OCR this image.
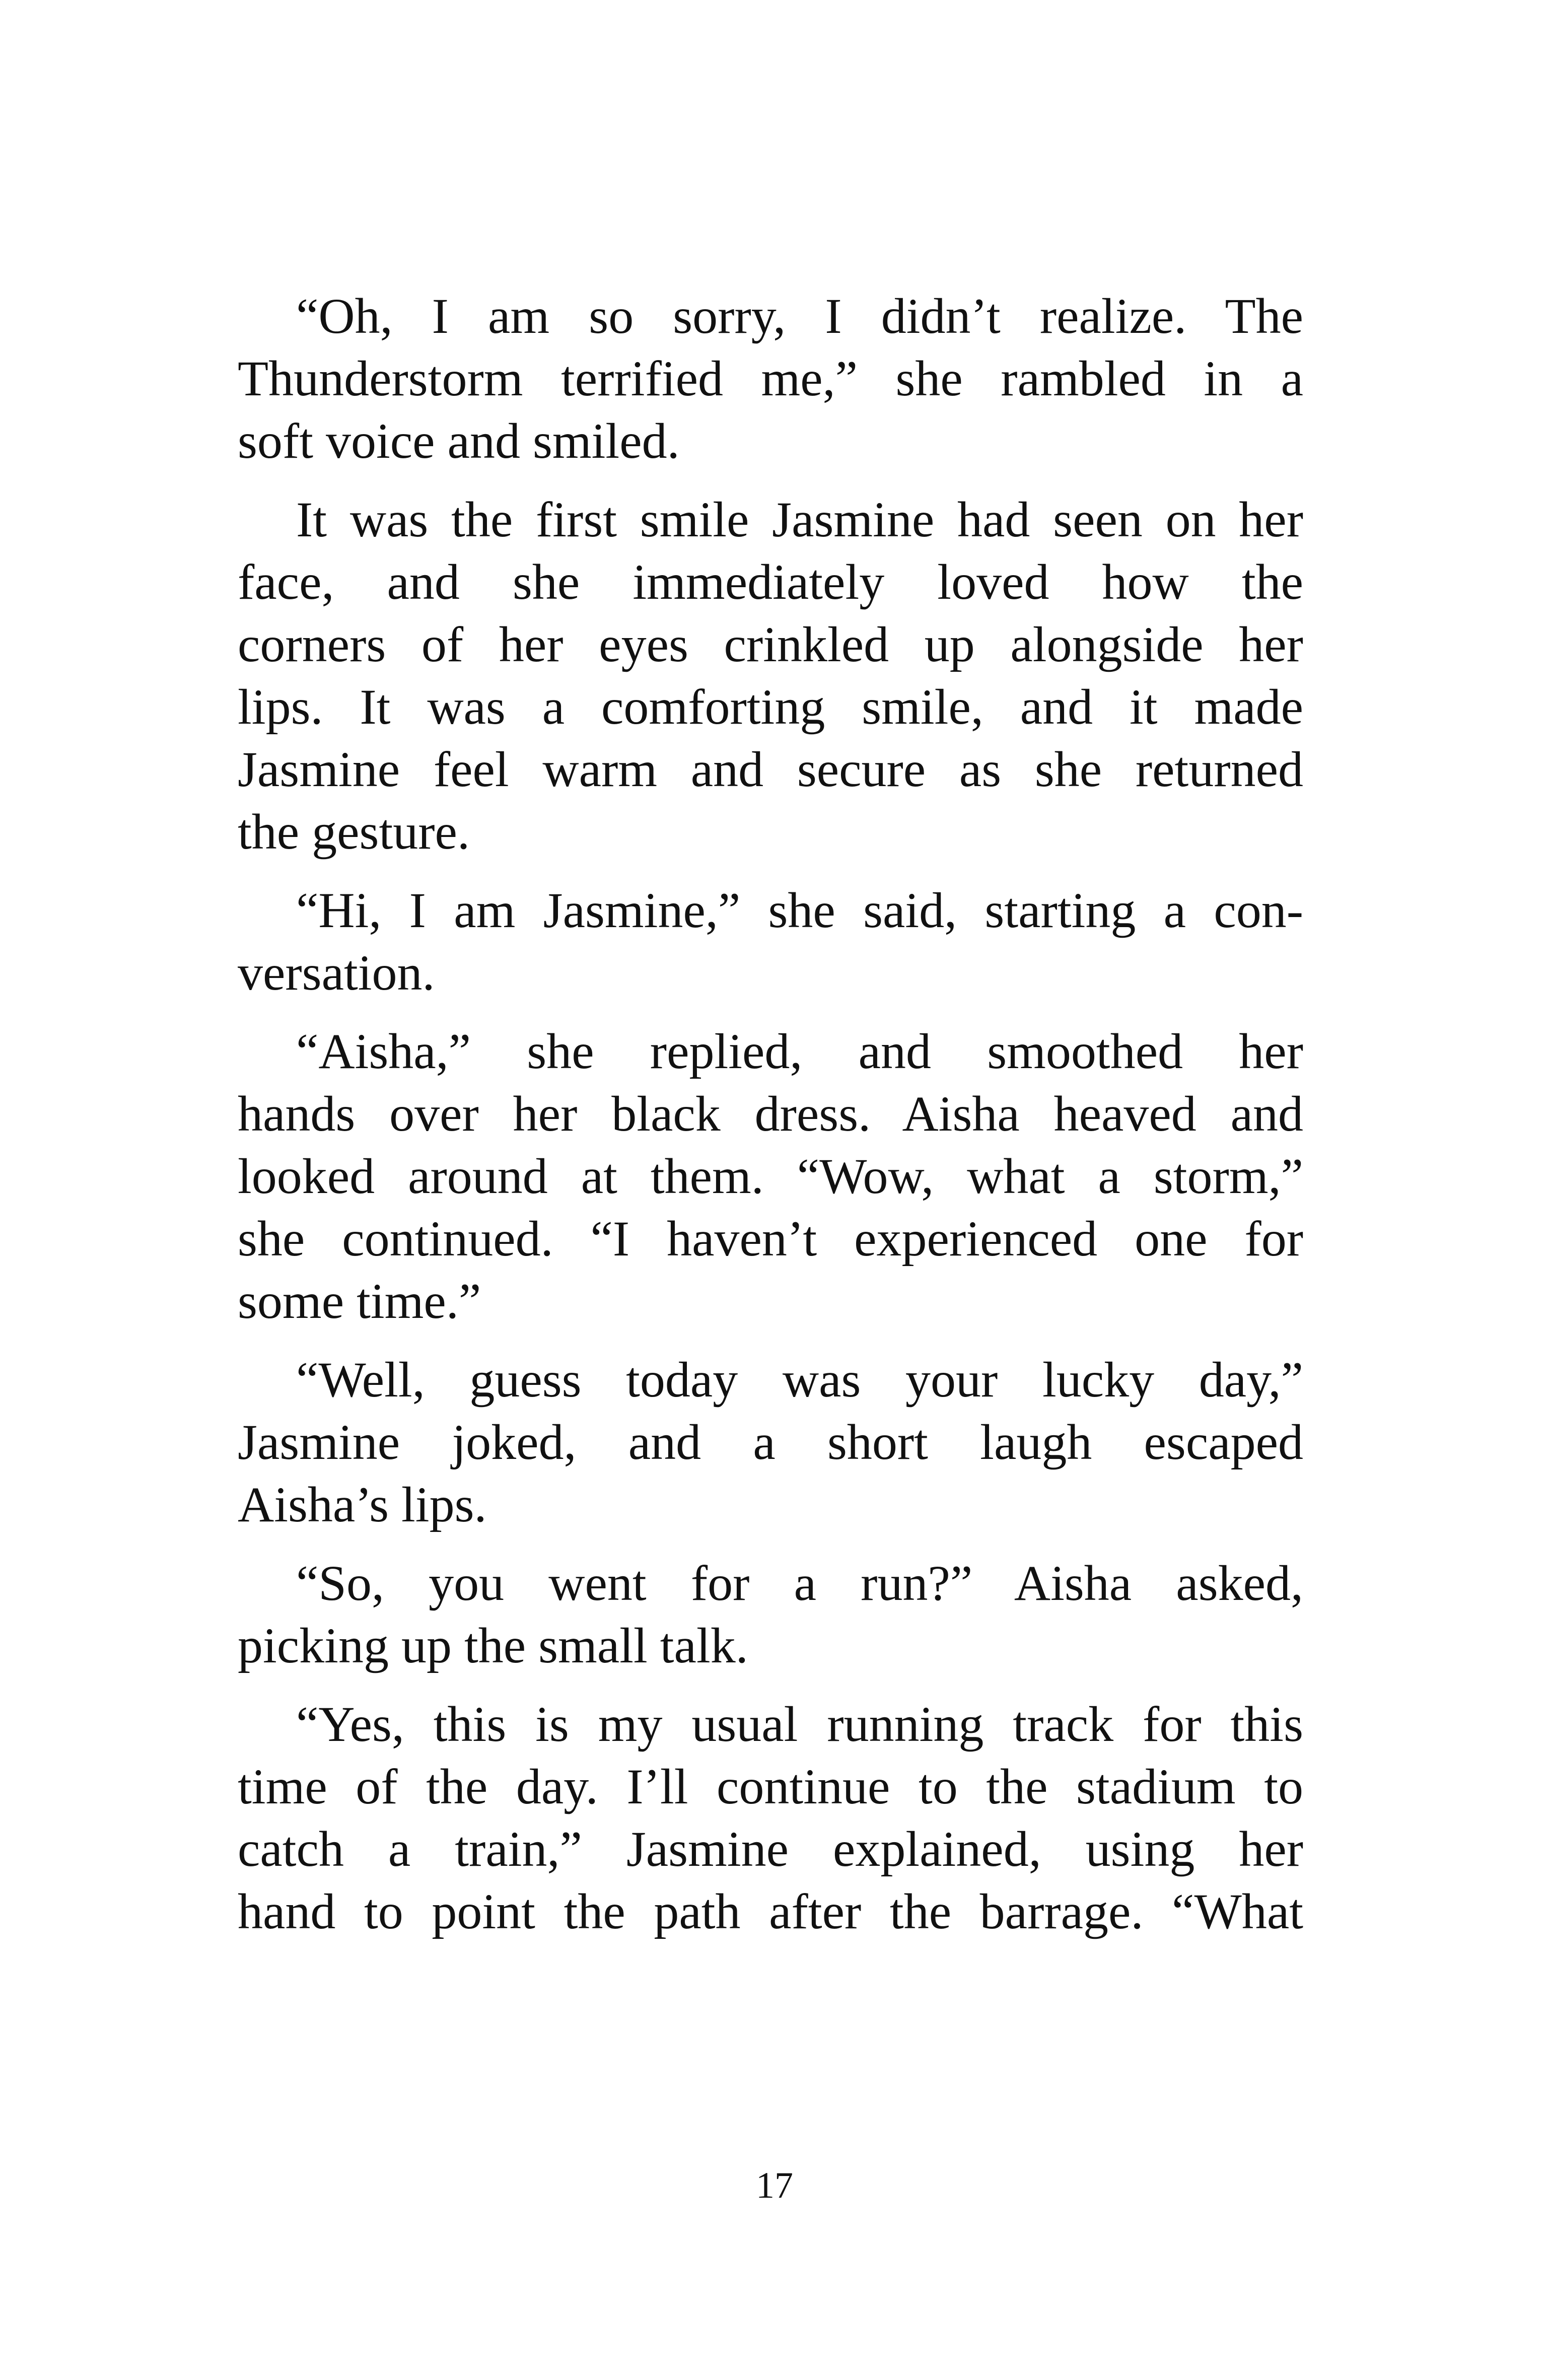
“Oh, I am so sorry, I didn’t realize. The
Thunderstorm terrified me,” she rambled in a
soft voice and smiled.
It was the first smile Jasmine had seen on her
face, and she immediately loved how the
corners of her eyes crinkled up alongside her
lips. It was a comforting smile, and it made
Jasmine feel warm and secure as she returned
the gesture.
“Hi, I am Jasmine,” she said, starting a con-
versation.
“Aisha,” she replied, and smoothed her
hands over her black dress. Aisha heaved and
looked around at them. “Wow, what a storm,”
she continued. “I haven’t experienced one for
some time.”
“Well, guess today was your lucky day,”
Jasmine joked, and a short laugh escaped
Aisha’s lips.
“So, you went for a run?” Aisha asked,
picking up the small talk.
“Yes, this is my usual running track for this
time of the day. I’ll continue to the stadium to
catch a train,” Jasmine explained, using her
hand to point the path after the barrage. “What
17
